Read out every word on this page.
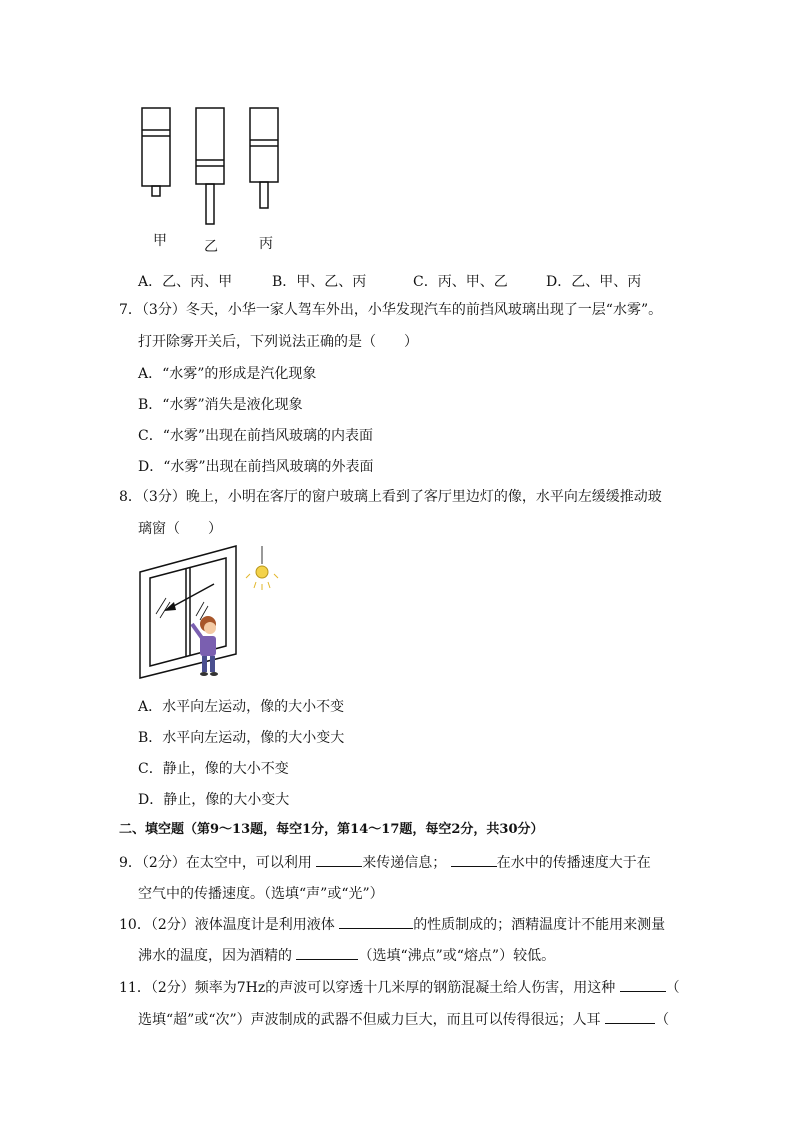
甲	乙	丙
A．乙、丙、甲	B．甲、乙、丙	C．丙、甲、乙	D．乙、甲、丙
7．（3分）冬天，小华一家人驾车外出，小华发现汽车的前挡风玻璃出现了一层“水雾”。
打开除雾开关后，下列说法正确的是（　　）
A．“水雾”的形成是汽化现象
B．“水雾”消失是液化现象
C．“水雾”出现在前挡风玻璃的内表面
D．“水雾”出现在前挡风玻璃的外表面
8．（3分）晚上，小明在客厅的窗户玻璃上看到了客厅里边灯的像，水平向左缓缓推动玻
璃窗（　　）
A．水平向左运动，像的大小不变
B．水平向左运动，像的大小变大
C．静止，像的大小不变
D．静止，像的大小变大
二、填空题（第9～13题，每空1分，第14～17题，每空2分，共30分）
9．（2分）在太空中，可以利用	来传递信息；	在水中的传播速度大于在
空气中的传播速度。（选填“声”或“光”）
10．（2分）液体温度计是利用液体	的性质制成的；酒精温度计不能用来测量
沸水的温度，因为酒精的	（选填“沸点”或“熔点”）较低。
11．（2分）频率为7Hz的声波可以穿透十几米厚的钢筋混凝土给人伤害，用这种	（
选填“超”或“次”）声波制成的武器不但威力巨大，而且可以传得很远；人耳	（
